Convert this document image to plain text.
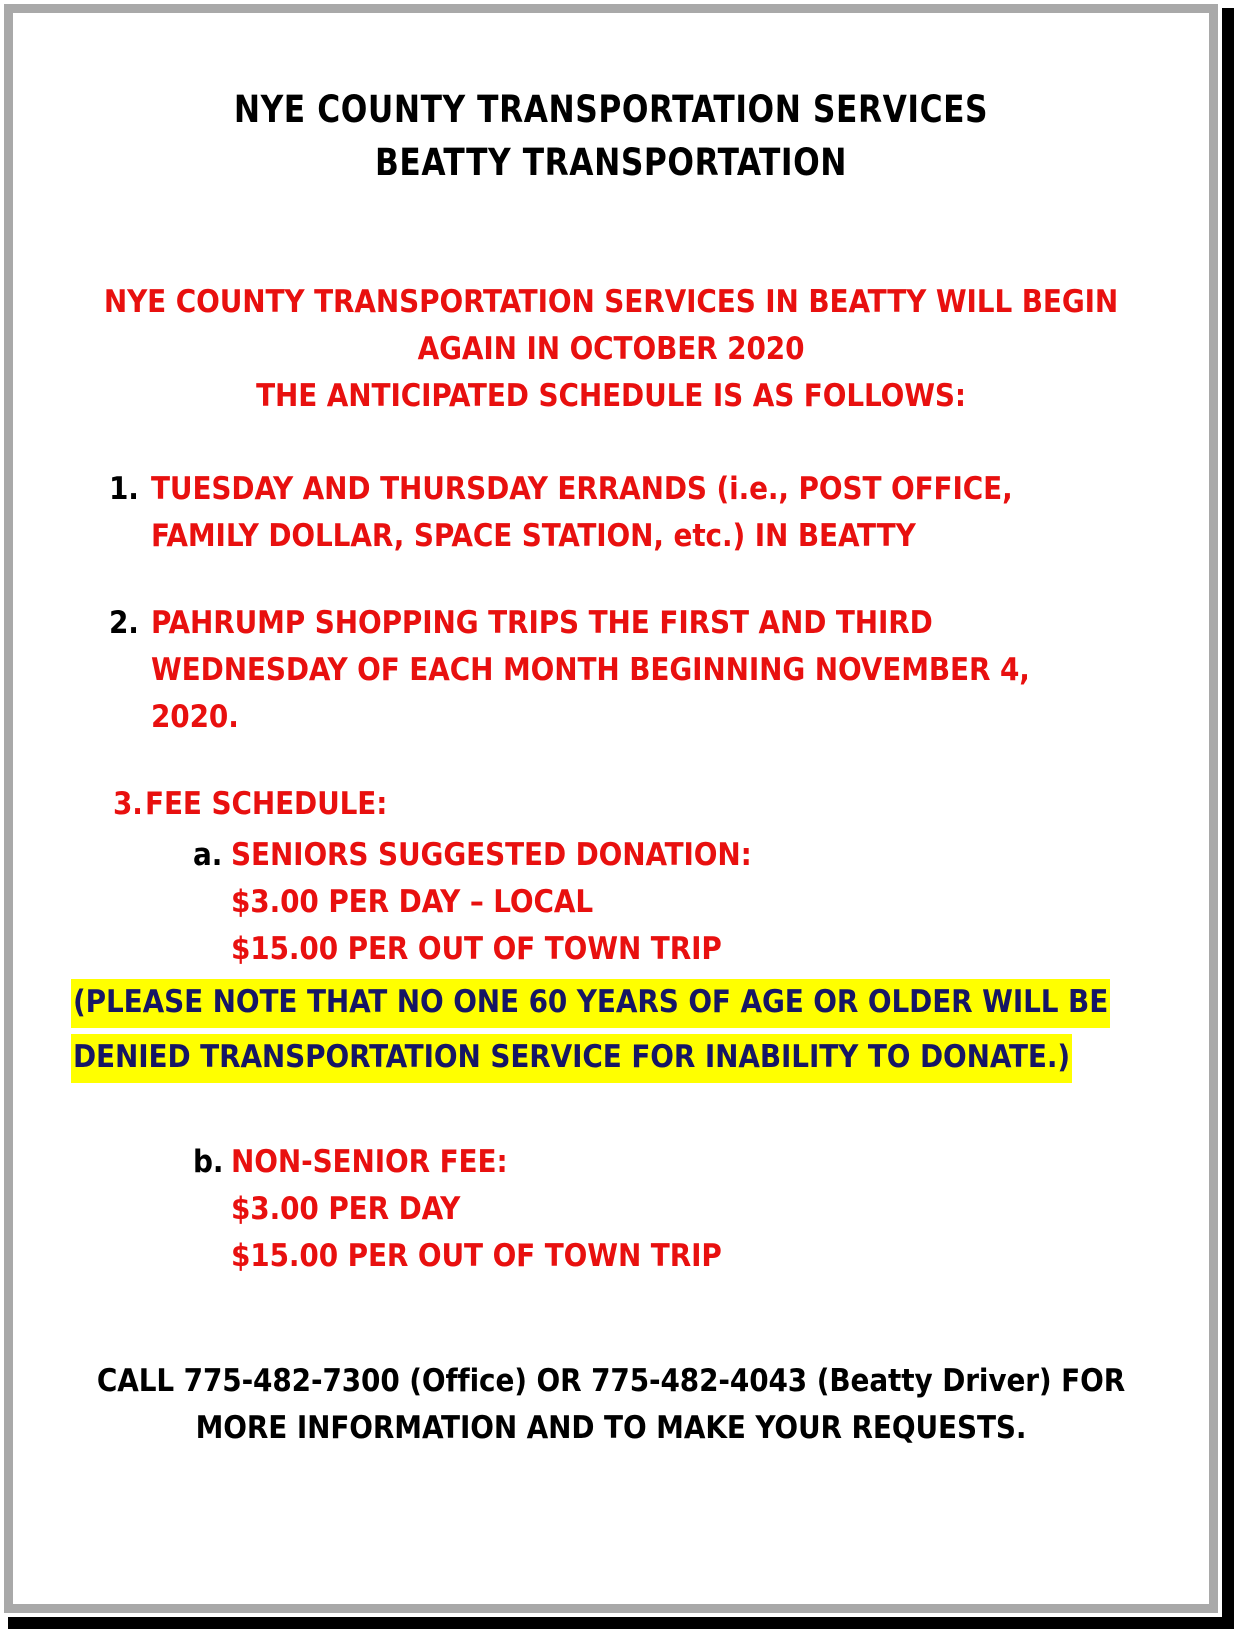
NYE COUNTY TRANSPORTATION SERVICES
BEATTY TRANSPORTATION
NYE COUNTY TRANSPORTATION SERVICES IN BEATTY WILL BEGIN
AGAIN IN OCTOBER 2020
THE ANTICIPATED SCHEDULE IS AS FOLLOWS:
1. TUESDAY AND THURSDAY ERRANDS (i.e., POST OFFICE,
FAMILY DOLLAR, SPACE STATION, etc.) IN BEATTY
2. PAHRUMP SHOPPING TRIPS THE FIRST AND THIRD
WEDNESDAY OF EACH MONTH BEGINNING NOVEMBER 4,
2020.
3. FEE SCHEDULE:
a. SENIORS SUGGESTED DONATION:
$3.00 PER DAY – LOCAL
$15.00 PER OUT OF TOWN TRIP
(PLEASE NOTE THAT NO ONE 60 YEARS OF AGE OR OLDER WILL BE
DENIED TRANSPORTATION SERVICE FOR INABILITY TO DONATE.)
b. NON-SENIOR FEE:
$3.00 PER DAY
$15.00 PER OUT OF TOWN TRIP
CALL 775-482-7300 (Office) OR 775-482-4043 (Beatty Driver) FOR
MORE INFORMATION AND TO MAKE YOUR REQUESTS.
